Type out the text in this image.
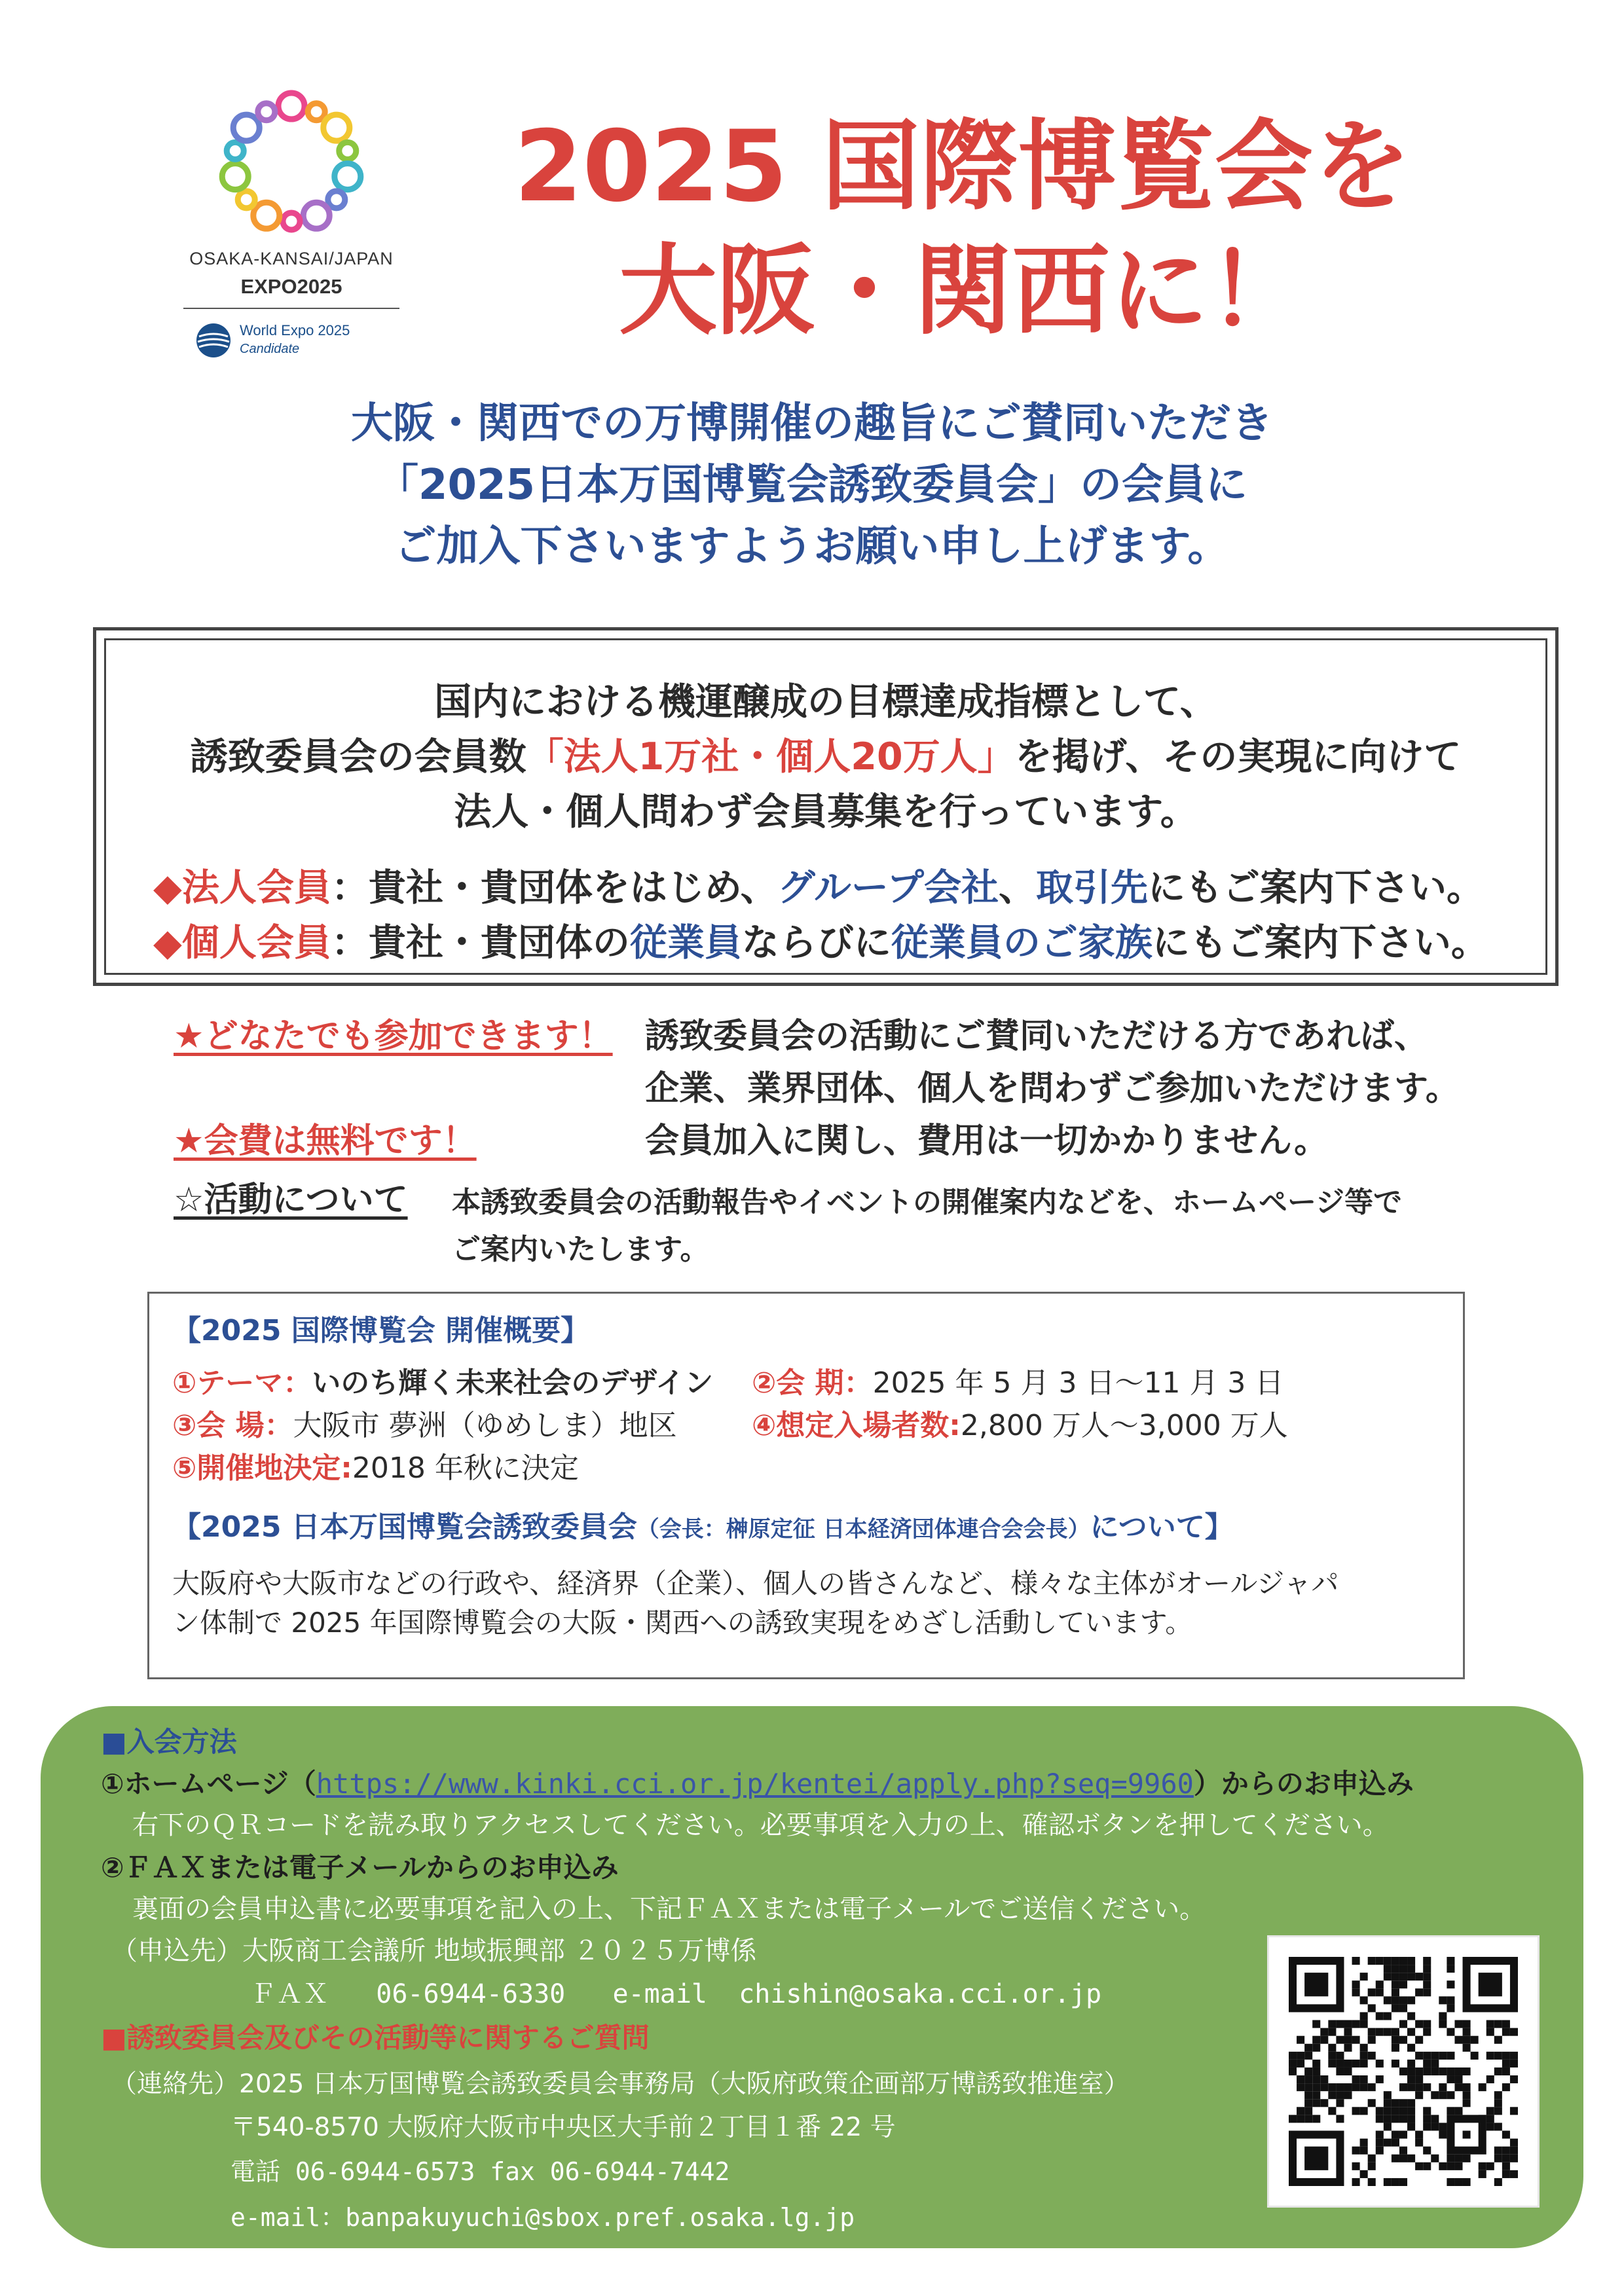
OSAKA-KANSAI/JAPAN
EXPO2025
World Expo 2025
Candidate
2025 国際博覧会を
大阪・関西に！
大阪・関西での万博開催の趣旨にご賛同いただき
「2025日本万国博覧会誘致委員会」の会員に
ご加入下さいますようお願い申し上げます。
国内における機運醸成の目標達成指標として、
誘致委員会の会員数「法人1万社・個人20万人」を掲げ、その実現に向けて
法人・個人問わず会員募集を行っています。
◆法人会員：貴社・貴団体をはじめ、グループ会社、取引先にもご案内下さい。
◆個人会員：貴社・貴団体の従業員ならびに従業員のご家族にもご案内下さい。
★どなたでも参加できます！ 誘致委員会の活動にご賛同いただける方であれば、
企業、業界団体、個人を問わずご参加いただけます。
★会費は無料です！	会員加入に関し、費用は一切かかりません。
☆活動について 本誘致委員会の活動報告やイベントの開催案内などを、ホームページ等で
ご案内いたします。
【2025 国際博覧会 開催概要】
①テーマ：いのち輝く未来社会のデザイン ②会 期：2025 年 5 月 3 日～11 月 3 日
③会 場：大阪市 夢洲（ゆめしま）地区	④想定入場者数:2,800 万人～3,000 万人
⑤開催地決定:2018 年秋に決定
【2025 日本万国博覧会誘致委員会（会長：榊原定征 日本経済団体連合会会長）について】
大阪府や大阪市などの行政や、経済界（企業）、個人の皆さんなど、様々な主体がオールジャパ
ン体制で 2025 年国際博覧会の大阪・関西への誘致実現をめざし活動しています。
■入会方法
①ホームページ（https://www.kinki.cci.or.jp/kentei/apply.php?seq=9960）からのお申込み
右下のＱＲコードを読み取りアクセスしてください。必要事項を入力の上、確認ボタンを押してください。
②ＦＡＸまたは電子メールからのお申込み
裏面の会員申込書に必要事項を記入の上、下記ＦＡＸまたは電子メールでご送信ください。
（申込先）大阪商工会議所 地域振興部 ２０２５万博係
ＦＡＸ 06-6944-6330 e-mail chishin@osaka.cci.or.jp
■誘致委員会及びその活動等に関するご質問
（連絡先）2025 日本万国博覧会誘致委員会事務局（大阪府政策企画部万博誘致推進室）
〒540-8570 大阪府大阪市中央区大手前２丁目１番 22 号
電話 06-6944-6573 fax 06-6944-7442
e-mail：banpakuyuchi@sbox.pref.osaka.lg.jp
